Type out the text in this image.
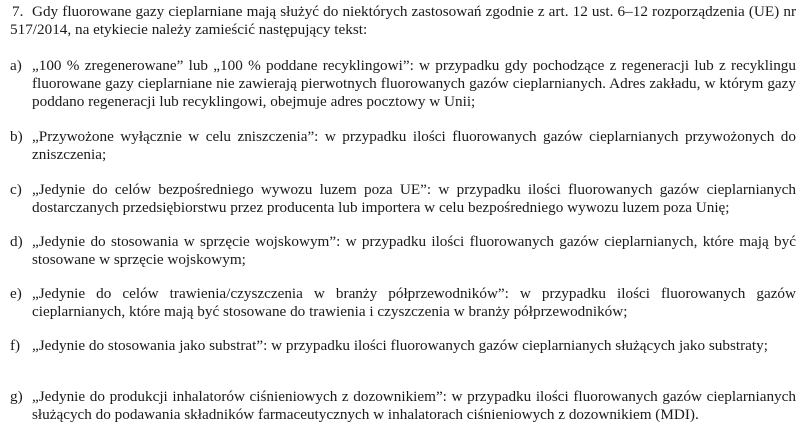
7. Gdy fluorowane gazy cieplarniane mają służyć do niektórych zastosowań zgodnie z art. 12 ust. 6–12 rozporządzenia (UE) nr 517/2014, na etykiecie należy zamieścić następujący tekst:
a) „100 % zregenerowane” lub „100 % poddane recyklingowi”: w przypadku gdy pochodzące z regeneracji lub z recyklingu fluorowane gazy cieplarniane nie zawierają pierwotnych fluorowanych gazów cieplarnianych. Adres zakładu, w którym gazy poddano regeneracji lub recyklingowi, obejmuje adres pocztowy w Unii;
b) „Przywożone wyłącznie w celu zniszczenia”: w przypadku ilości fluorowanych gazów cieplarnianych przywożonych do zniszczenia;
c) „Jedynie do celów bezpośredniego wywozu luzem poza UE”: w przypadku ilości fluorowanych gazów cieplarnianych dostarczanych przedsiębiorstwu przez producenta lub importera w celu bezpośredniego wywozu luzem poza Unię;
d) „Jedynie do stosowania w sprzęcie wojskowym”: w przypadku ilości fluorowanych gazów cieplarnianych, które mają być stosowane w sprzęcie wojskowym;
e) „Jedynie do celów trawienia/czyszczenia w branży półprzewodników”: w przypadku ilości fluorowanych gazów cieplarnianych, które mają być stosowane do trawienia i czyszczenia w branży półprzewodników;
f) „Jedynie do stosowania jako substrat”: w przypadku ilości fluorowanych gazów cieplarnianych służących jako substraty;
g) „Jedynie do produkcji inhalatorów ciśnieniowych z dozownikiem”: w przypadku ilości fluorowanych gazów cieplarnianych służących do podawania składników farmaceutycznych w inhalatorach ciśnieniowych z dozownikiem (MDI).
